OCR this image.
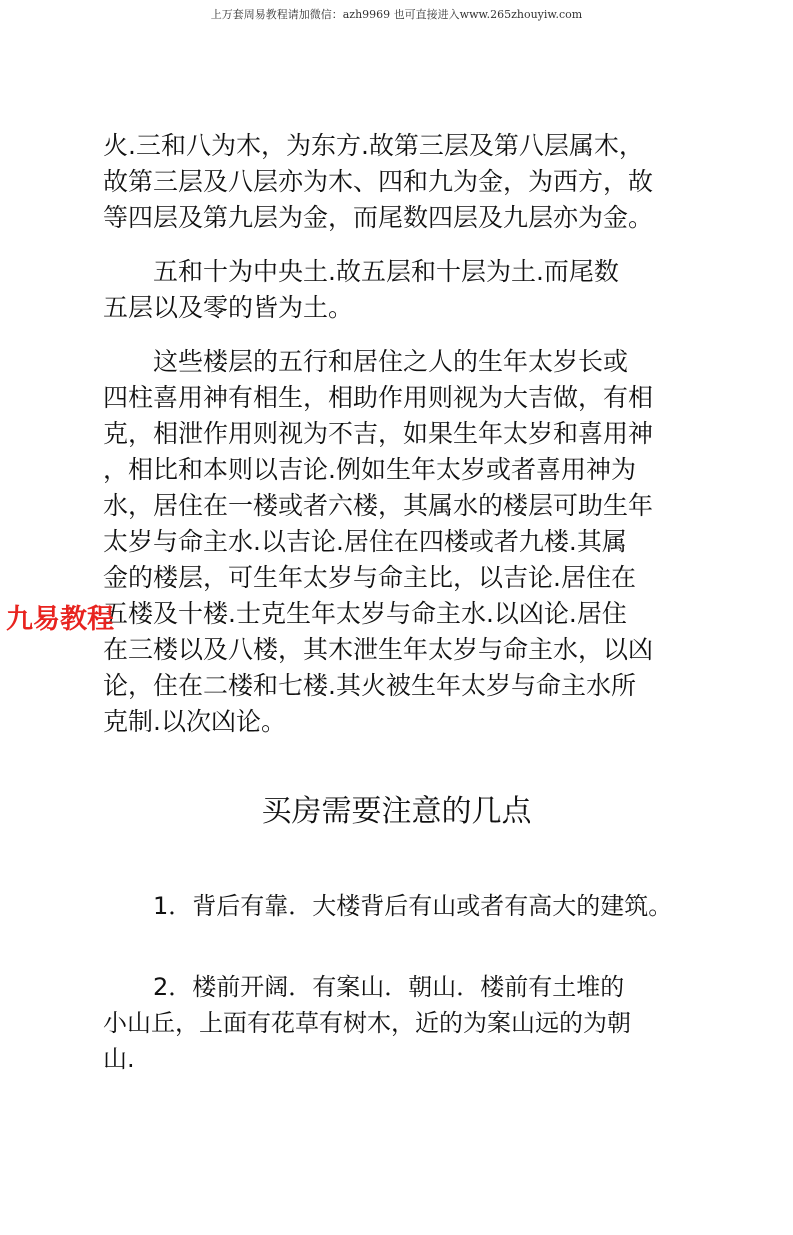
上万套周易教程请加微信：azh9969 也可直接进入www.265zhouyiw.com
火.三和八为木，为东方.故第三层及第八层属木，
故第三层及八层亦为木、四和九为金，为西方，故
等四层及第九层为金，而尾数四层及九层亦为金。
五和十为中央土.故五层和十层为土.而尾数
五层以及零的皆为土。
这些楼层的五行和居住之人的生年太岁长或
四柱喜用神有相生，相助作用则视为大吉做，有相
克，相泄作用则视为不吉，如果生年太岁和喜用神
，相比和本则以吉论.例如生年太岁或者喜用神为
水，居住在一楼或者六楼，其属水的楼层可助生年
太岁与命主水.以吉论.居住在四楼或者九楼.其属
金的楼层，可生年太岁与命主比，以吉论.居住在
五楼及十楼.士克生年太岁与命主水.以凶论.居住
在三楼以及八楼，其木泄生年太岁与命主水，以凶
论，住在二楼和七楼.其火被生年太岁与命主水所
克制.以次凶论。
买房需要注意的几点
1．背后有靠．大楼背后有山或者有高大的建筑。
2．楼前开阔．有案山．朝山．楼前有土堆的
小山丘，上面有花草有树木，近的为案山远的为朝
山.
九易教程
